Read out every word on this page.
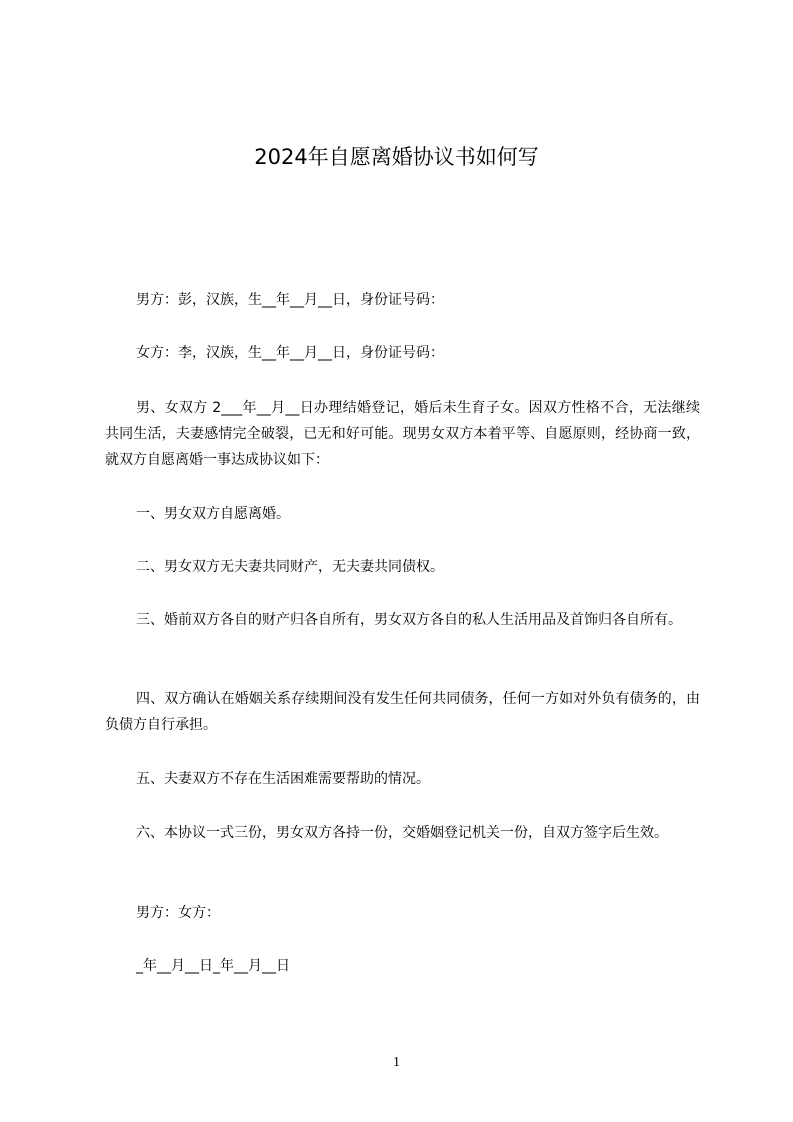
2024年自愿离婚协议书如何写

男方：彭，汉族，生__年__月__日，身份证号码：

女方：李，汉族，生__年__月__日，身份证号码：

男、女双方 2___年__月__日办理结婚登记，婚后未生育子女。因双方性格不合，无法继续共同生活，夫妻感情完全破裂，已无和好可能。现男女双方本着平等、自愿原则，经协商一致，就双方自愿离婚一事达成协议如下：

一、男女双方自愿离婚。

二、男女双方无夫妻共同财产，无夫妻共同债权。

三、婚前双方各自的财产归各自所有，男女双方各自的私人生活用品及首饰归各自所有。

四、双方确认在婚姻关系存续期间没有发生任何共同债务，任何一方如对外负有债务的，由负债方自行承担。

五、夫妻双方不存在生活困难需要帮助的情况。

六、本协议一式三份，男女双方各持一份，交婚姻登记机关一份，自双方签字后生效。

男方：女方：

_年__月__日_年__月__日

1
